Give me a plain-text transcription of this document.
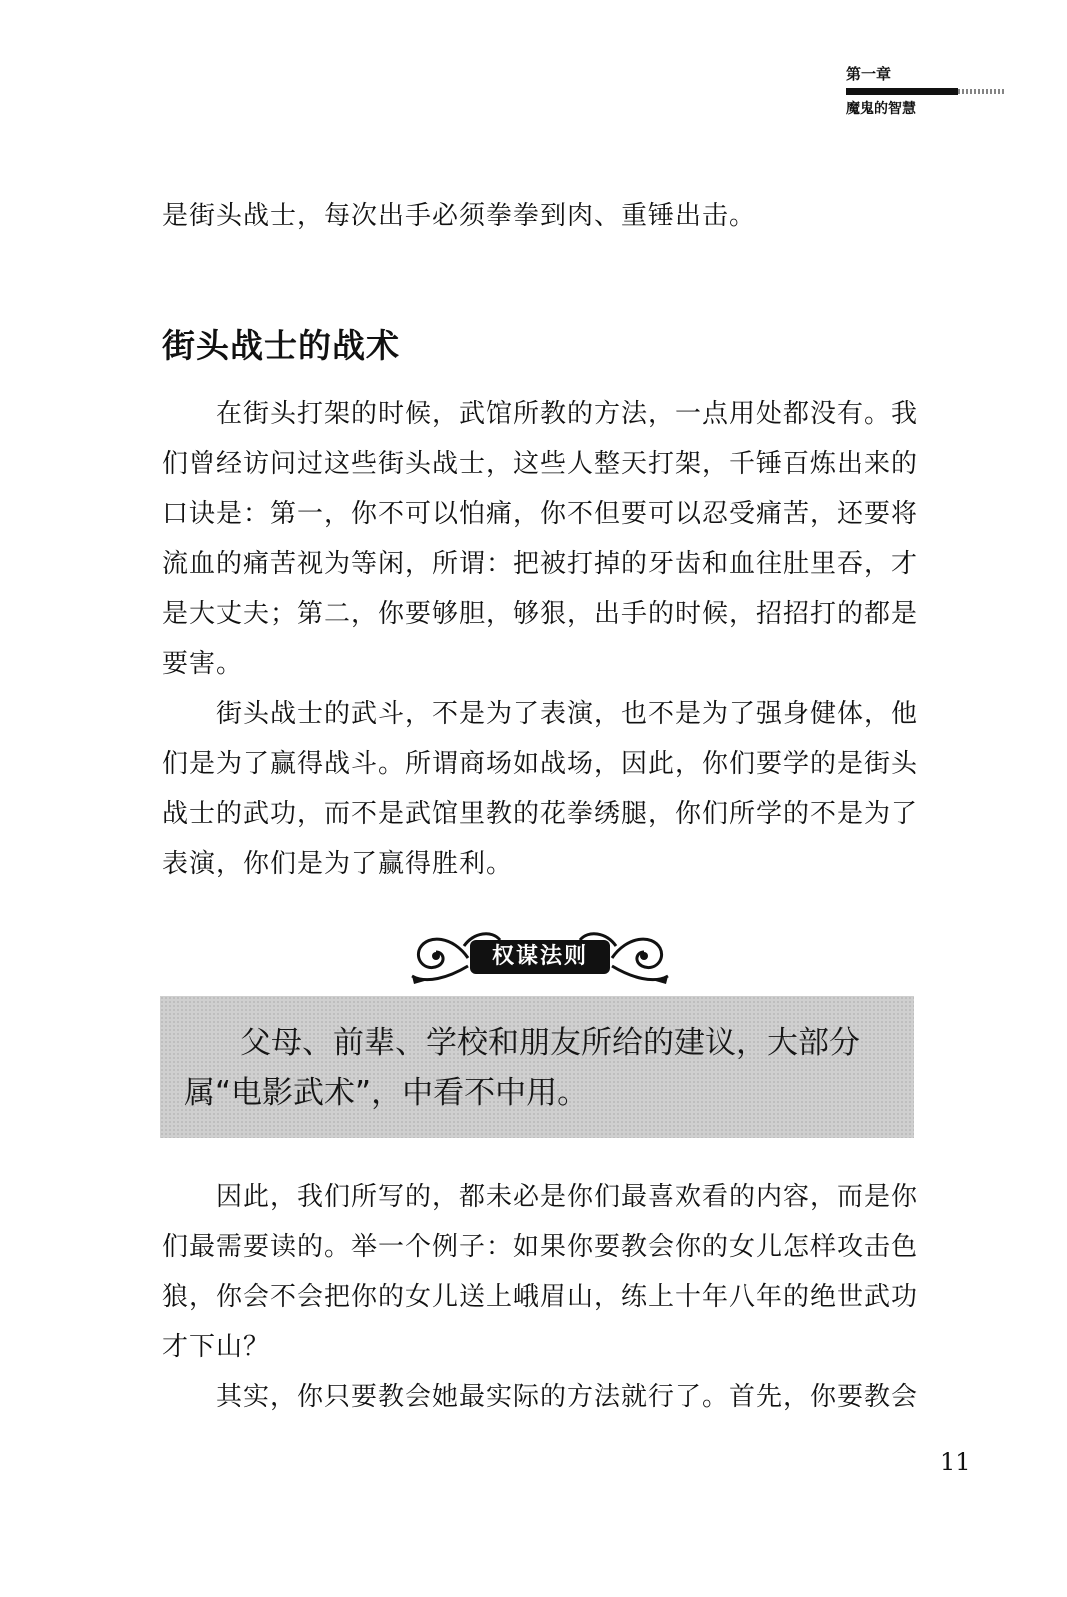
第一章
魔鬼的智慧

是街头战士，每次出手必须拳拳到肉、重锤出击。

街头战士的战术

在街头打架的时候，武馆所教的方法，一点用处都没有。我们曾经访问过这些街头战士，这些人整天打架，千锤百炼出来的口诀是：第一，你不可以怕痛，你不但要可以忍受痛苦，还要将流血的痛苦视为等闲，所谓：把被打掉的牙齿和血往肚里吞，才是大丈夫；第二，你要够胆，够狠，出手的时候，招招打的都是要害。

街头战士的武斗，不是为了表演，也不是为了强身健体，他们是为了赢得战斗。所谓商场如战场，因此，你们要学的是街头战士的武功，而不是武馆里教的花拳绣腿，你们所学的不是为了表演，你们是为了赢得胜利。

权谋法则
父母、前辈、学校和朋友所给的建议，大部分属“电影武术”，中看不中用。

因此，我们所写的，都未必是你们最喜欢看的内容，而是你们最需要读的。举一个例子：如果你要教会你的女儿怎样攻击色狼，你会不会把你的女儿送上峨眉山，练上十年八年的绝世武功才下山？

其实，你只要教会她最实际的方法就行了。首先，你要教会

11
